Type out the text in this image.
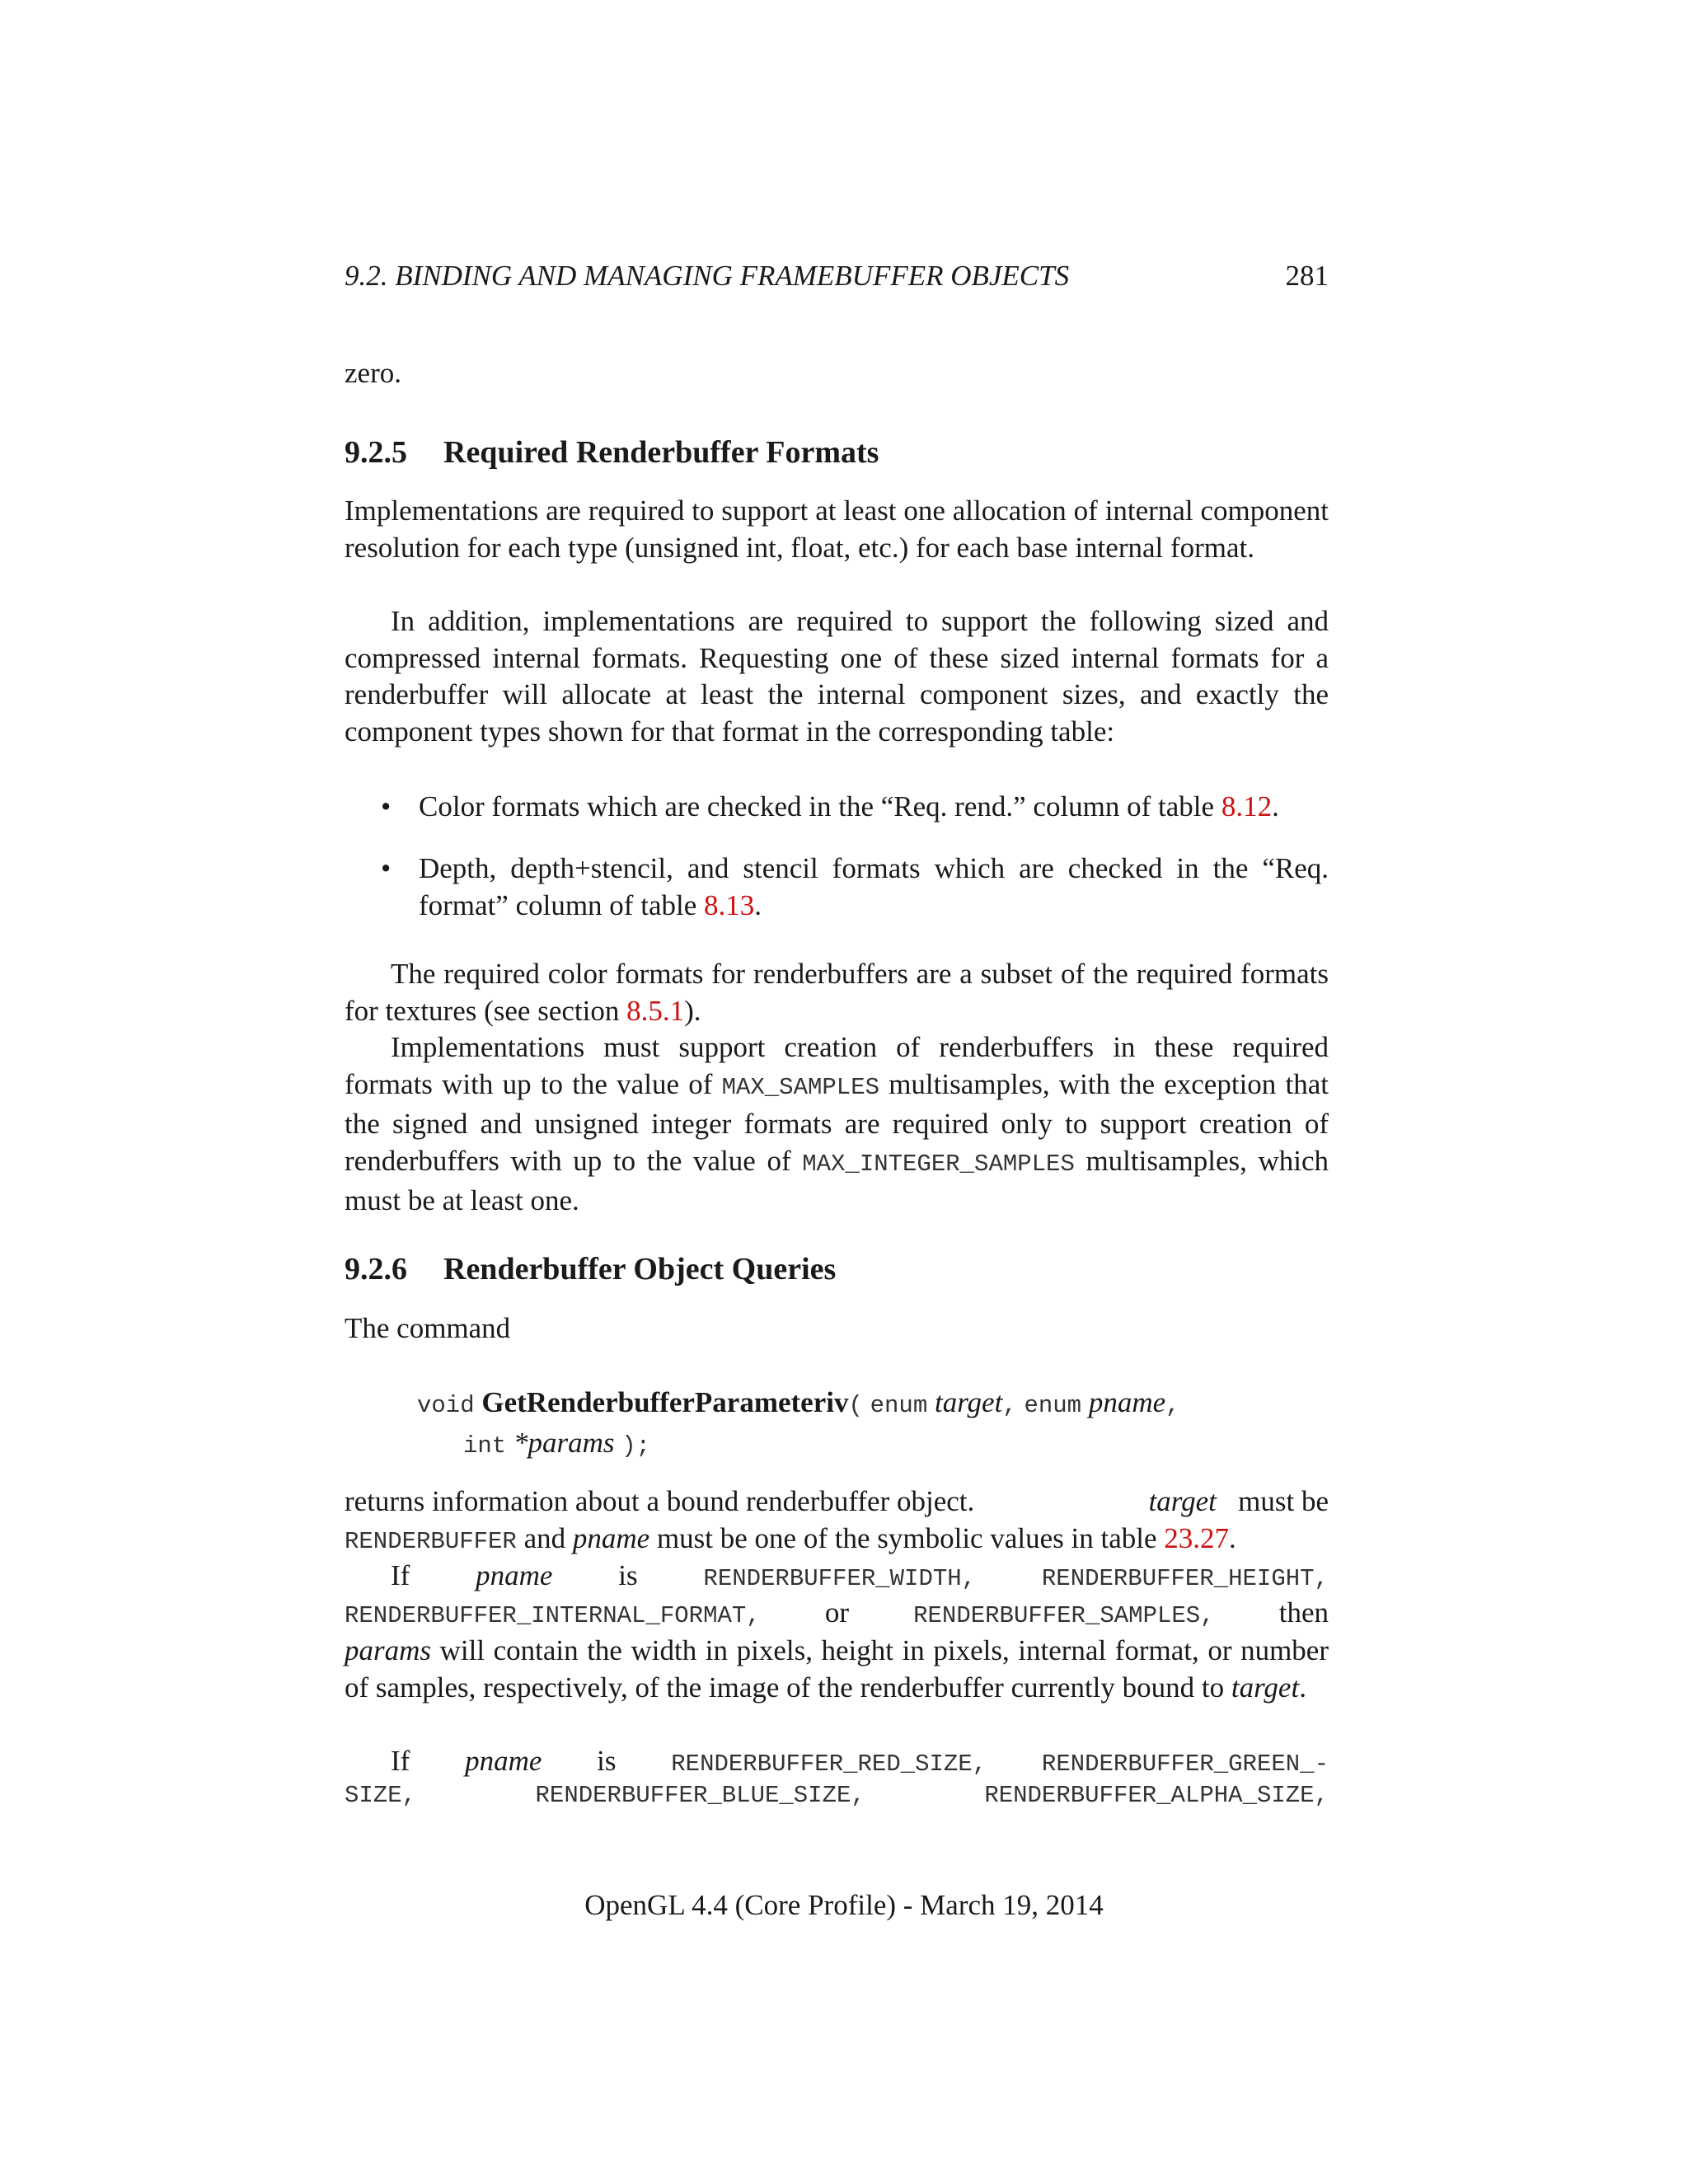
9.2. BINDING AND MANAGING FRAMEBUFFER OBJECTS	281
zero.
9.2.5 Required Renderbuffer Formats
Implementations are required to support at least one allocation of internal component resolution for each type (unsigned int, float, etc.) for each base internal format.
In addition, implementations are required to support the following sized and compressed internal formats. Requesting one of these sized internal formats for a renderbuffer will allocate at least the internal component sizes, and exactly the component types shown for that format in the corresponding table:
• Color formats which are checked in the “Req. rend.” column of table 8.12.
• Depth, depth+stencil, and stencil formats which are checked in the “Req. format” column of table 8.13.
The required color formats for renderbuffers are a subset of the required formats for textures (see section 8.5.1).
Implementations must support creation of renderbuffers in these required formats with up to the value of MAX_SAMPLES multisamples, with the exception that the signed and unsigned integer formats are required only to support creation of renderbuffers with up to the value of MAX_INTEGER_SAMPLES multisamples, which must be at least one.
9.2.6 Renderbuffer Object Queries
The command
void GetRenderbufferParameteriv( enum target, enum pname,
int *params );
returns information about a bound renderbuffer object.	target must be
RENDERBUFFER and pname must be one of the symbolic values in table 23.27.
If pname is	RENDERBUFFER_WIDTH,	RENDERBUFFER_HEIGHT,
RENDERBUFFER_INTERNAL_FORMAT, or	RENDERBUFFER_SAMPLES, then
params will contain the width in pixels, height in pixels, internal format, or number of samples, respectively, of the image of the renderbuffer currently bound to target.
If pname is RENDERBUFFER_RED_SIZE, RENDERBUFFER_GREEN_-
SIZE,	RENDERBUFFER_BLUE_SIZE,	RENDERBUFFER_ALPHA_SIZE,
OpenGL 4.4 (Core Profile) - March 19, 2014
